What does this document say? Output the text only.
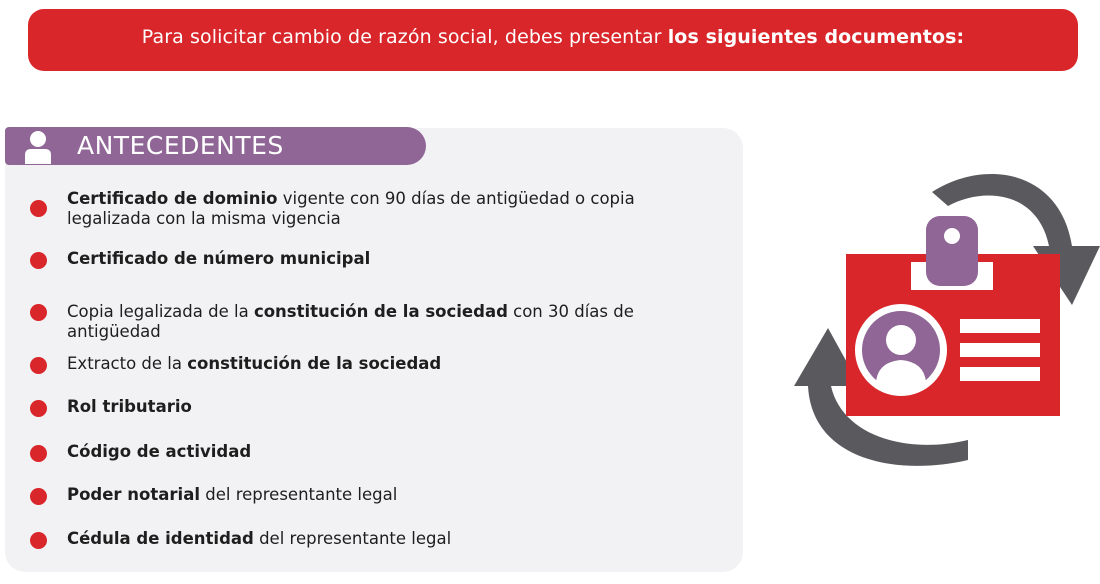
Para solicitar cambio de razón social, debes presentar los siguientes documentos:
ANTECEDENTES
Certificado de dominio vigente con 90 días de antigüedad o copia legalizada con la misma vigencia
Certificado de número municipal
Copia legalizada de la constitución de la sociedad con 30 días de antigüedad
Extracto de la constitución de la sociedad
Rol tributario
Código de actividad
Poder notarial del representante legal
Cédula de identidad del representante legal
